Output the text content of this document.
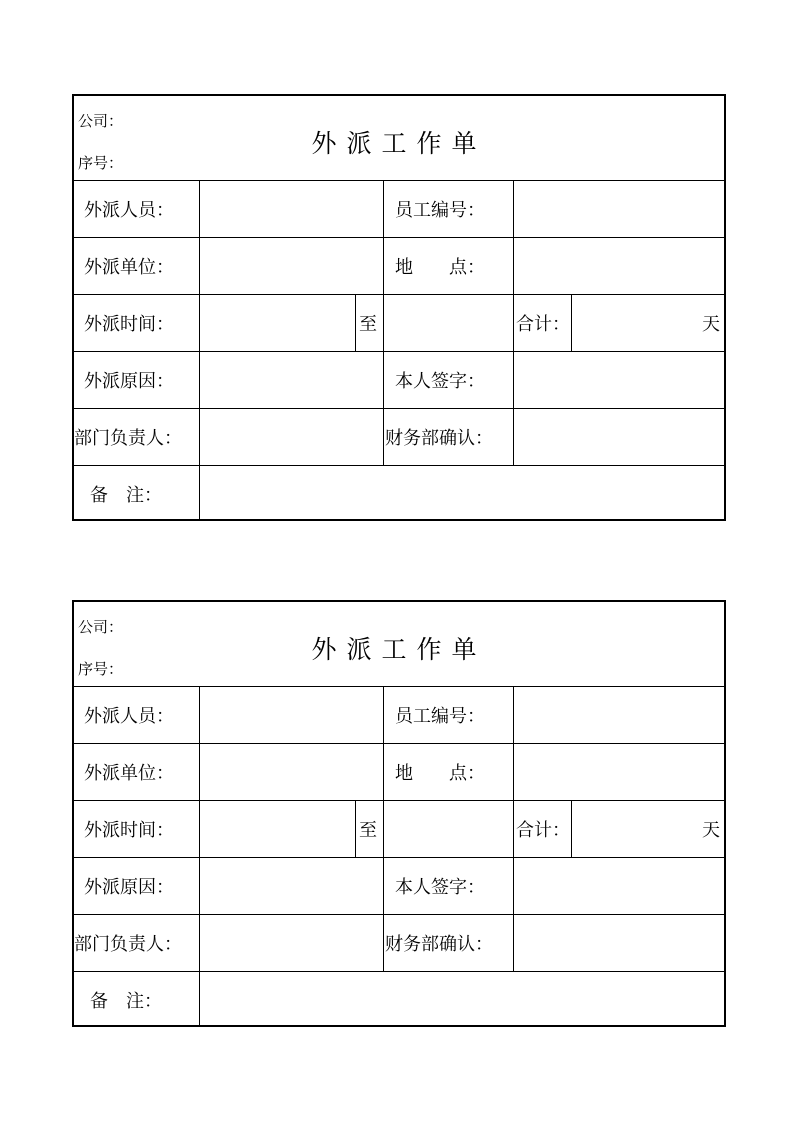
公司：
序号：
外派工作单
外派人员：	员工编号：
外派单位：	地　　点：
外派时间：	至	合计：	天
外派原因：	本人签字：
部门负责人：	财务部确认：
备　注：
公司：
序号：
外派工作单
外派人员：	员工编号：
外派单位：	地　　点：
外派时间：	至	合计：	天
外派原因：	本人签字：
部门负责人：	财务部确认：
备　注：
